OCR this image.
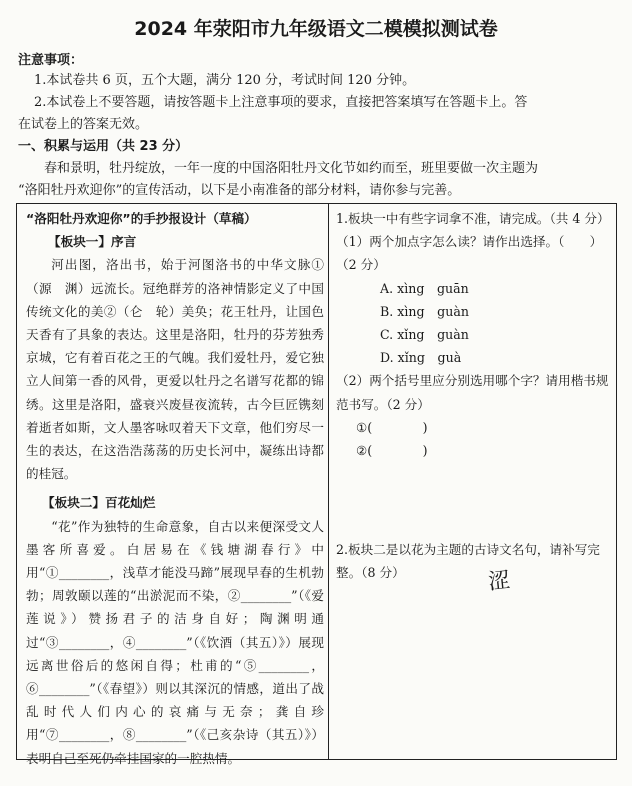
2024 年荥阳市九年级语文二模模拟测试卷
注意事项：
1.本试卷共 6 页，五个大题，满分 120 分，考试时间 120 分钟。
2.本试卷上不要答题，请按答题卡上注意事项的要求，直接把答案填写在答题卡上。答
在试卷上的答案无效。
一、积累与运用（共 23 分）
春和景明，牡丹绽放，一年一度的中国洛阳牡丹文化节如约而至，班里要做一次主题为
“洛阳牡丹欢迎你”的宣传活动，以下是小南准备的部分材料，请你参与完善。

“洛阳牡丹欢迎你”的手抄报设计（草稿）

【板块一】序言

河出图，洛出书，始于河图洛书的中华文脉①（源　渊）远流长。冠绝群芳的洛神情影定义了中国传统文化的美②（仑　轮）美奂；花王牡丹，让国色天香有了具象的表达。这里是洛阳，牡丹的芬芳独秀京城，它有着百花之王的气魄。我们爱牡丹，爱它独立人间第一香的风骨，更爱以牡丹之名谱写花都的锦绣。这里是洛阳，盛衰兴废昼夜流转，古今巨匠镌刻着逝者如斯，文人墨客咏叹着天下文章，他们穷尽一生的表达，在这浩浩荡荡的历史长河中，凝练出诗都的桂冠。

【板块二】百花灿烂

“花”作为独特的生命意象，自古以来便深受文人墨客所喜爱。白居易在《钱塘湖春行》中用“①________，浅草才能没马蹄”展现早春的生机勃勃；周敦颐以莲的“出淤泥而不染，②________”（《爱莲说》）赞扬君子的洁身自好；陶渊明通过“③________，④________”（《饮酒（其五）》）展现远离世俗后的悠闲自得；杜甫的“⑤________，⑥________”（《春望》）则以其深沉的情感，道出了战乱时代人们内心的哀痛与无奈；龚自珍用“⑦________，⑧________”（《己亥杂诗（其五）》）表明自己至死仍牵挂国家的一腔热情。

1.板块一中有些字词拿不准，请完成。（共 4 分）

（1）两个加点字怎么读？请作出选择。（　　）（2 分）

A. xìng　guān

B. xìng　guàn

C. xǐng　guàn

D. xǐng　guà

（2）两个括号里应分别选用哪个字？请用楷书规范书写。（2 分）

①(　　　　)

②(　　　　)

2.板块二是以花为主题的古诗文名句，请补写完整。（8 分）	涩
